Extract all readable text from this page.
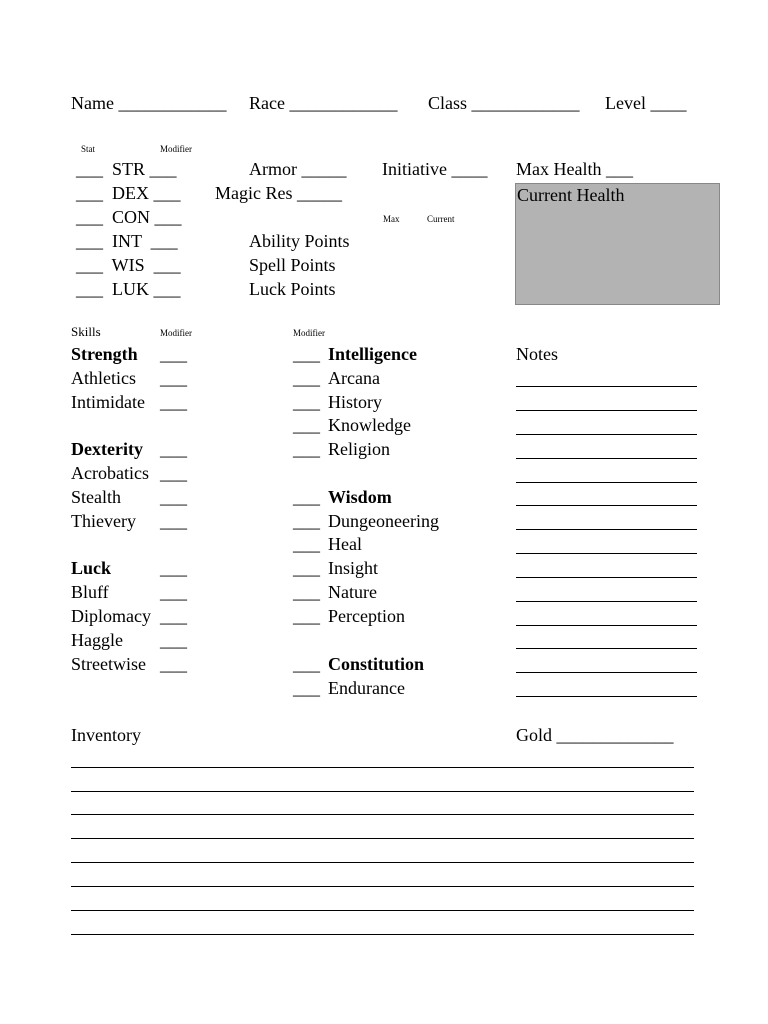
Name ____________ Race ____________ Class ____________ Level ____
Stat	Modifier
___  STR ___
___  DEX ___
___  CON ___
___  INT  ___
___  WIS  ___
___  LUK ___
Armor _____
Magic Res _____
Initiative ____ Max Health ___
Max	Current
Ability Points
Spell Points
Luck Points
Current Health
Skills	Modifier	Modifier
Notes
Strength ___
Athletics ___
Intimidate ___
Dexterity ___
Acrobatics ___
Stealth ___
Thievery ___
Luck	___
Bluff	___
Diplomacy ___
Haggle ___
Streetwise ___
___ Intelligence
___ Arcana
___ History
___ Knowledge
___ Religion
___ Wisdom
___ Dungeoneering
___ Heal
___ Insight
___ Nature
___ Perception
___ Constitution
___ Endurance
Inventory	Gold _____________
